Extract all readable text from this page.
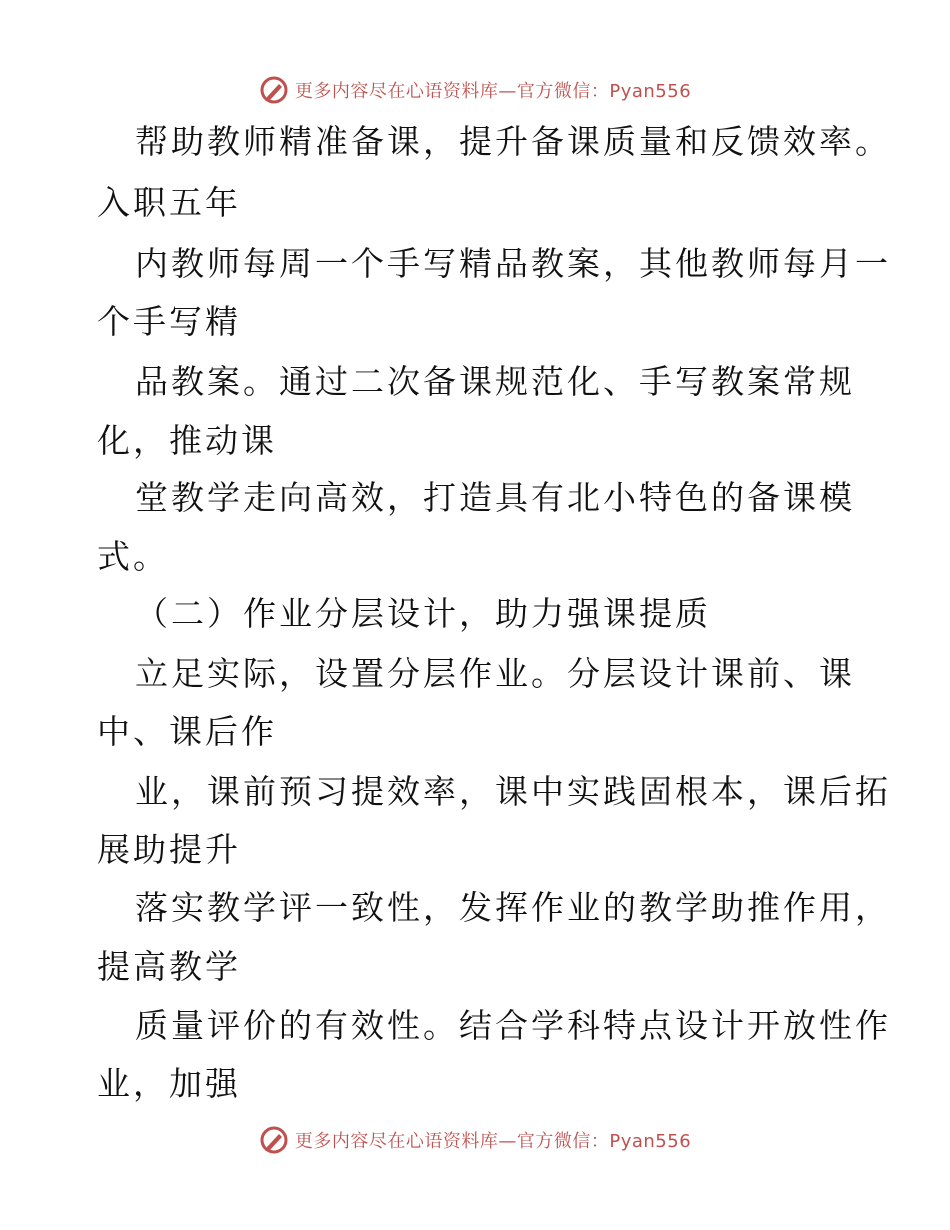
更多内容尽在心语资料库—官方微信：Pyan556
帮助教师精准备课，提升备课质量和反馈效率。
入职五年
内教师每周一个手写精品教案，其他教师每月一
个手写精
品教案。通过二次备课规范化、手写教案常规
化，推动课
堂教学走向高效，打造具有北小特色的备课模
式。
（二）作业分层设计，助力强课提质
立足实际，设置分层作业。分层设计课前、课
中、课后作
业，课前预习提效率，课中实践固根本，课后拓
展助提升
落实教学评一致性，发挥作业的教学助推作用，
提高教学
质量评价的有效性。结合学科特点设计开放性作
业，加强
更多内容尽在心语资料库—官方微信：Pyan556
